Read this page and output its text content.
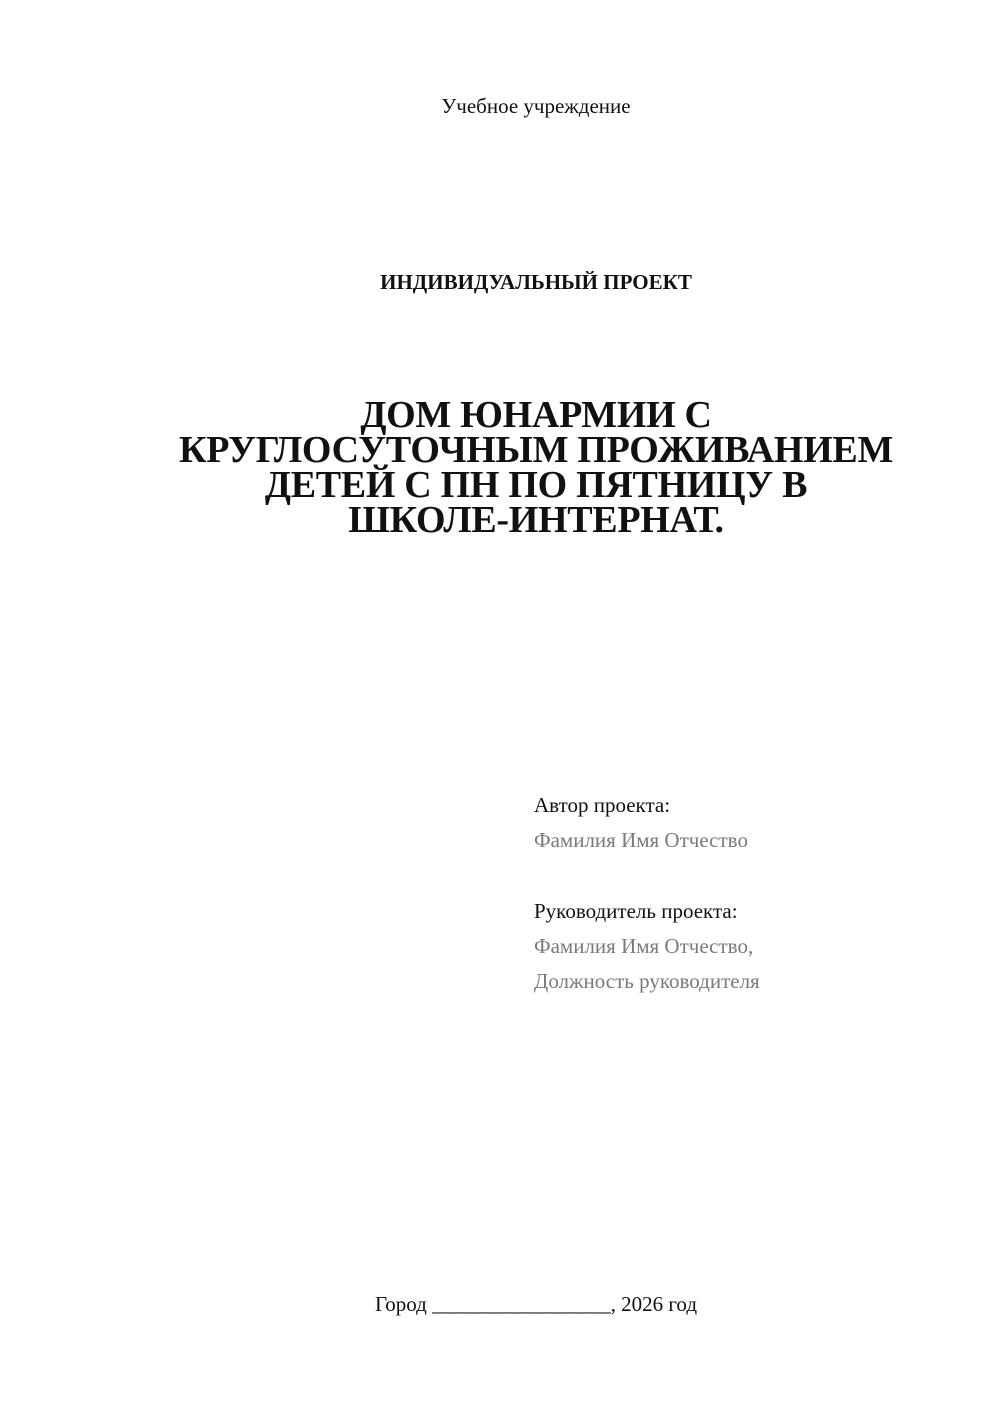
Учебное учреждение
ИНДИВИДУАЛЬНЫЙ ПРОЕКТ
ДОМ ЮНАРМИИ С
КРУГЛОСУТОЧНЫМ ПРОЖИВАНИЕМ
ДЕТЕЙ С ПН ПО ПЯТНИЦУ В
ШКОЛЕ-ИНТЕРНАТ.
Автор проекта:
Фамилия Имя Отчество
Руководитель проекта:
Фамилия Имя Отчество,
Должность руководителя
Город _________________, 2026 год
